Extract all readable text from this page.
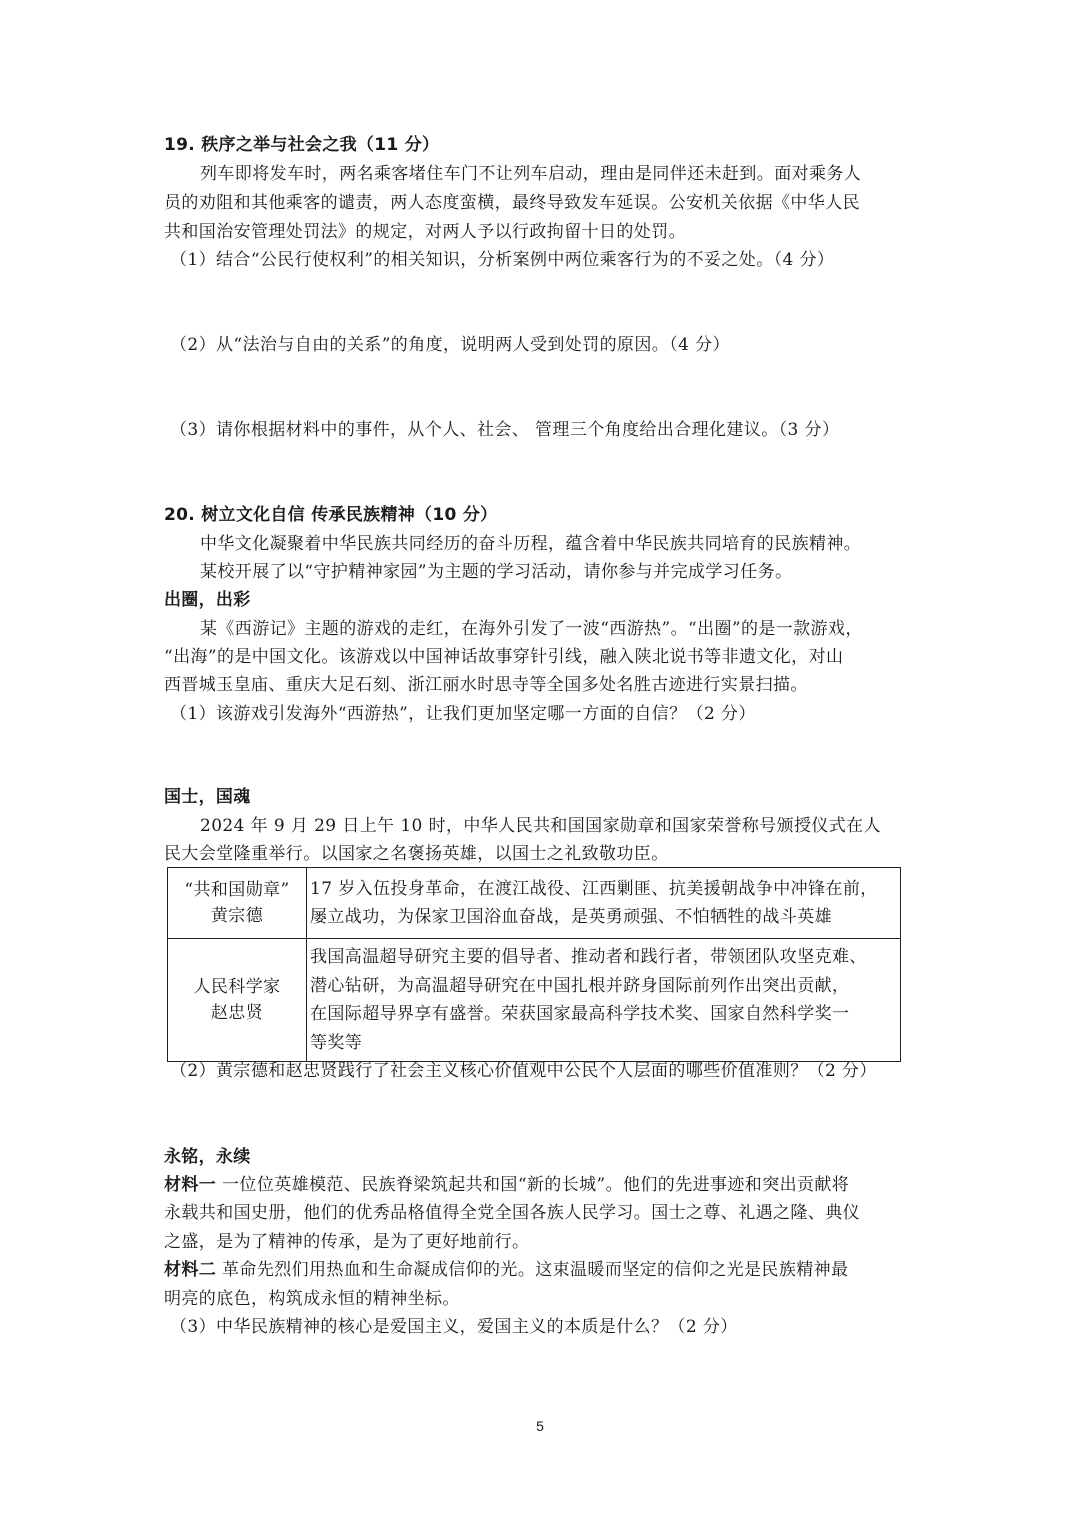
19. 秩序之举与社会之我（11 分）
列车即将发车时，两名乘客堵住车门不让列车启动，理由是同伴还未赶到。面对乘务人
员的劝阻和其他乘客的谴责，两人态度蛮横，最终导致发车延误。公安机关依据《中华人民
共和国治安管理处罚法》的规定，对两人予以行政拘留十日的处罚。
（1）结合“公民行使权利”的相关知识，分析案例中两位乘客行为的不妥之处。（4 分）
（2）从“法治与自由的关系”的角度，说明两人受到处罚的原因。（4 分）
（3）请你根据材料中的事件，从个人、社会、 管理三个角度给出合理化建议。（3 分）
20. 树立文化自信 传承民族精神（10 分）
中华文化凝聚着中华民族共同经历的奋斗历程，蕴含着中华民族共同培育的民族精神。
某校开展了以“守护精神家园”为主题的学习活动，请你参与并完成学习任务。
出圈，出彩
某《西游记》主题的游戏的走红，在海外引发了一波“西游热”。“出圈”的是一款游戏，
“出海”的是中国文化。该游戏以中国神话故事穿针引线，融入陕北说书等非遗文化，对山
西晋城玉皇庙、重庆大足石刻、浙江丽水时思寺等全国多处名胜古迹进行实景扫描。
（1）该游戏引发海外“西游热”，让我们更加坚定哪一方面的自信？（2 分）
国士，国魂
2024 年 9 月 29 日上午 10 时，中华人民共和国国家勋章和国家荣誉称号颁授仪式在人
民大会堂隆重举行。以国家之名褒扬英雄，以国士之礼致敬功臣。
“共和国勋章”
黄宗德	17 岁入伍投身革命，在渡江战役、江西剿匪、抗美援朝战争中冲锋在前，
屡立战功，为保家卫国浴血奋战，是英勇顽强、不怕牺牲的战斗英雄

人民科学家
赵忠贤	我国高温超导研究主要的倡导者、推动者和践行者，带领团队攻坚克难、
潜心钻研，为高温超导研究在中国扎根并跻身国际前列作出突出贡献，
在国际超导界享有盛誉。荣获国家最高科学技术奖、国家自然科学奖一
等奖等
（2）黄宗德和赵忠贤践行了社会主义核心价值观中公民个人层面的哪些价值准则？（2 分）
永铭，永续
材料一 一位位英雄模范、民族脊梁筑起共和国“新的长城”。他们的先进事迹和突出贡献将
永载共和国史册，他们的优秀品格值得全党全国各族人民学习。国士之尊、礼遇之隆、典仪
之盛，是为了精神的传承，是为了更好地前行。
材料二 革命先烈们用热血和生命凝成信仰的光。这束温暖而坚定的信仰之光是民族精神最
明亮的底色，构筑成永恒的精神坐标。
（3）中华民族精神的核心是爱国主义，爱国主义的本质是什么？（2 分）
5
